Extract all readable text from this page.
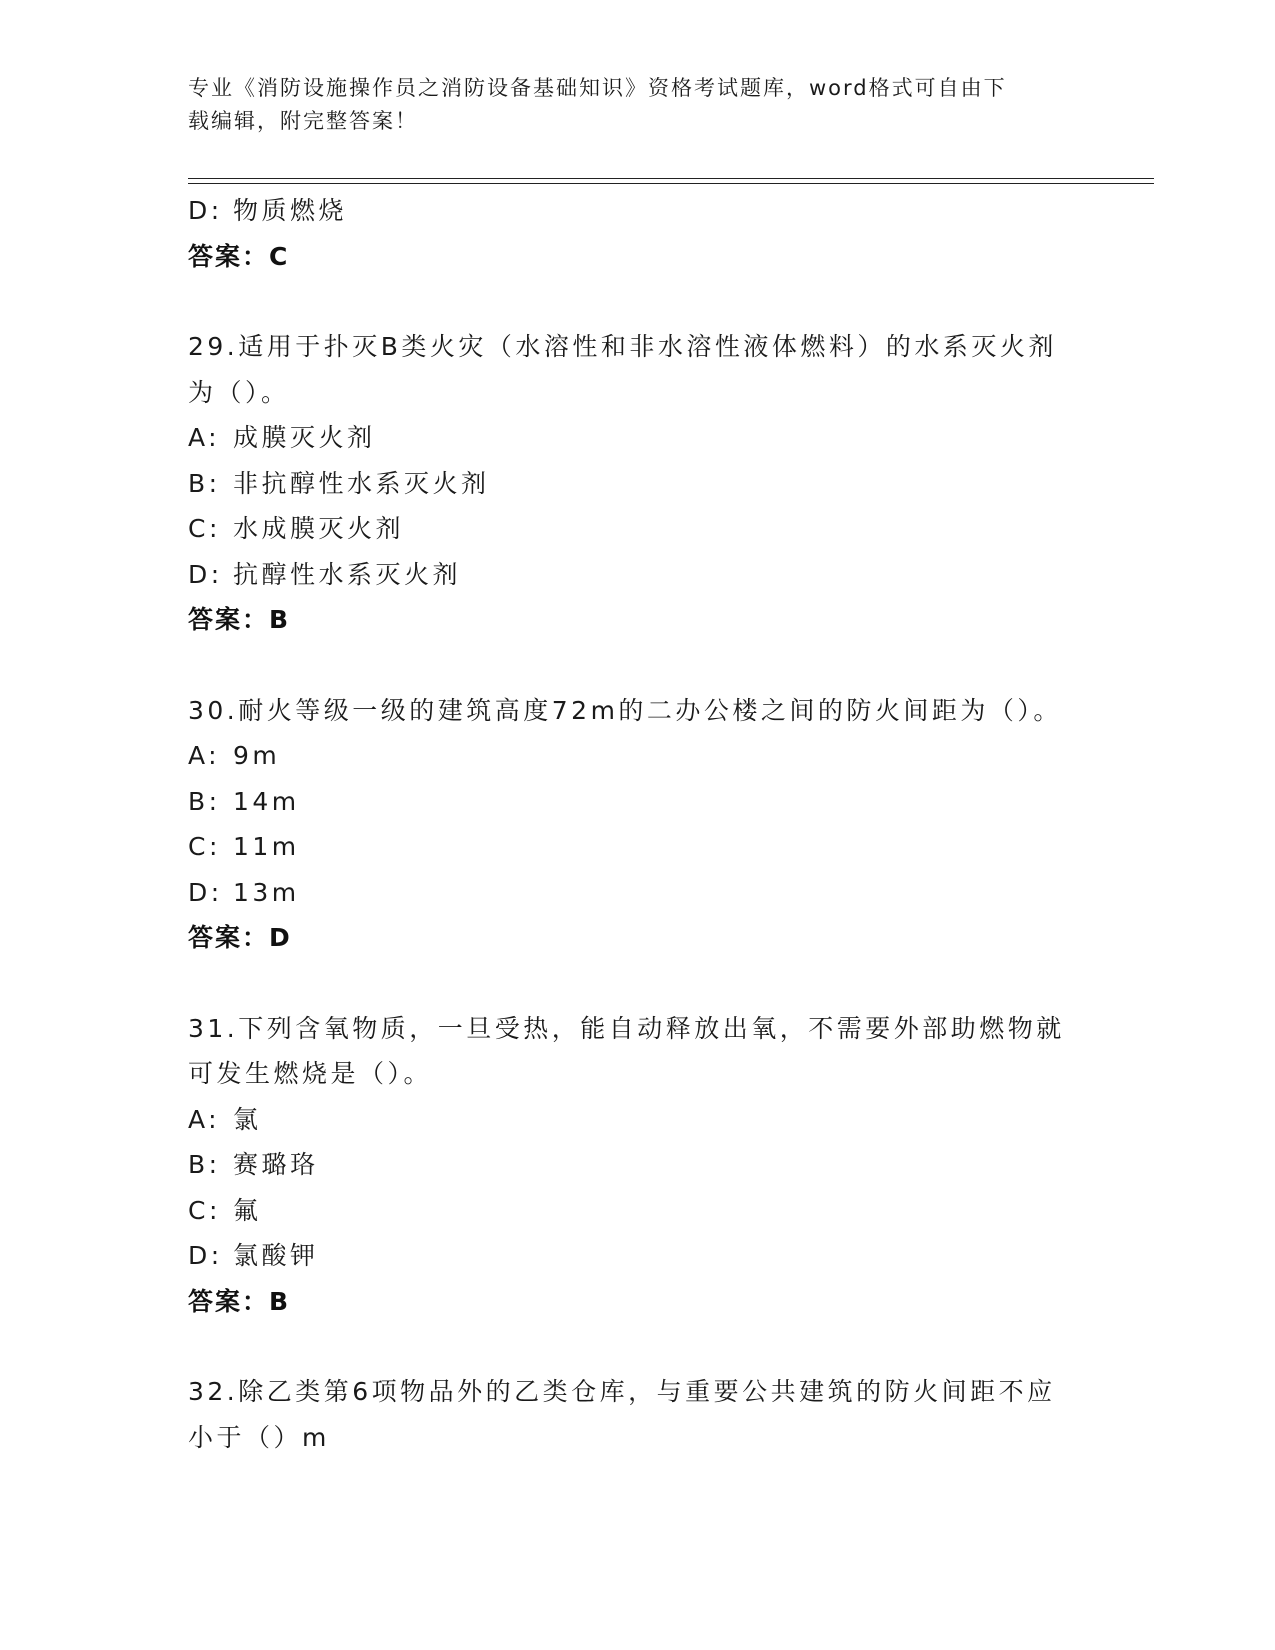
专业《消防设施操作员之消防设备基础知识》资格考试题库，word格式可自由下
载编辑，附完整答案！
D: 物质燃烧
答案：C
29.适用于扑灭B类火灾（水溶性和非水溶性液体燃料）的水系灭火剂为（）。
A: 成膜灭火剂
B: 非抗醇性水系灭火剂
C: 水成膜灭火剂
D: 抗醇性水系灭火剂
答案：B
30.耐火等级一级的建筑高度72m的二办公楼之间的防火间距为（）。
A: 9m
B: 14m
C: 11m
D: 13m
答案：D
31.下列含氧物质，一旦受热，能自动释放出氧，不需要外部助燃物就可发生燃烧是（）。
A: 氯
B: 赛璐珞
C: 氟
D: 氯酸钾
答案：B
32.除乙类第6项物品外的乙类仓库，与重要公共建筑的防火间距不应小于（）m
